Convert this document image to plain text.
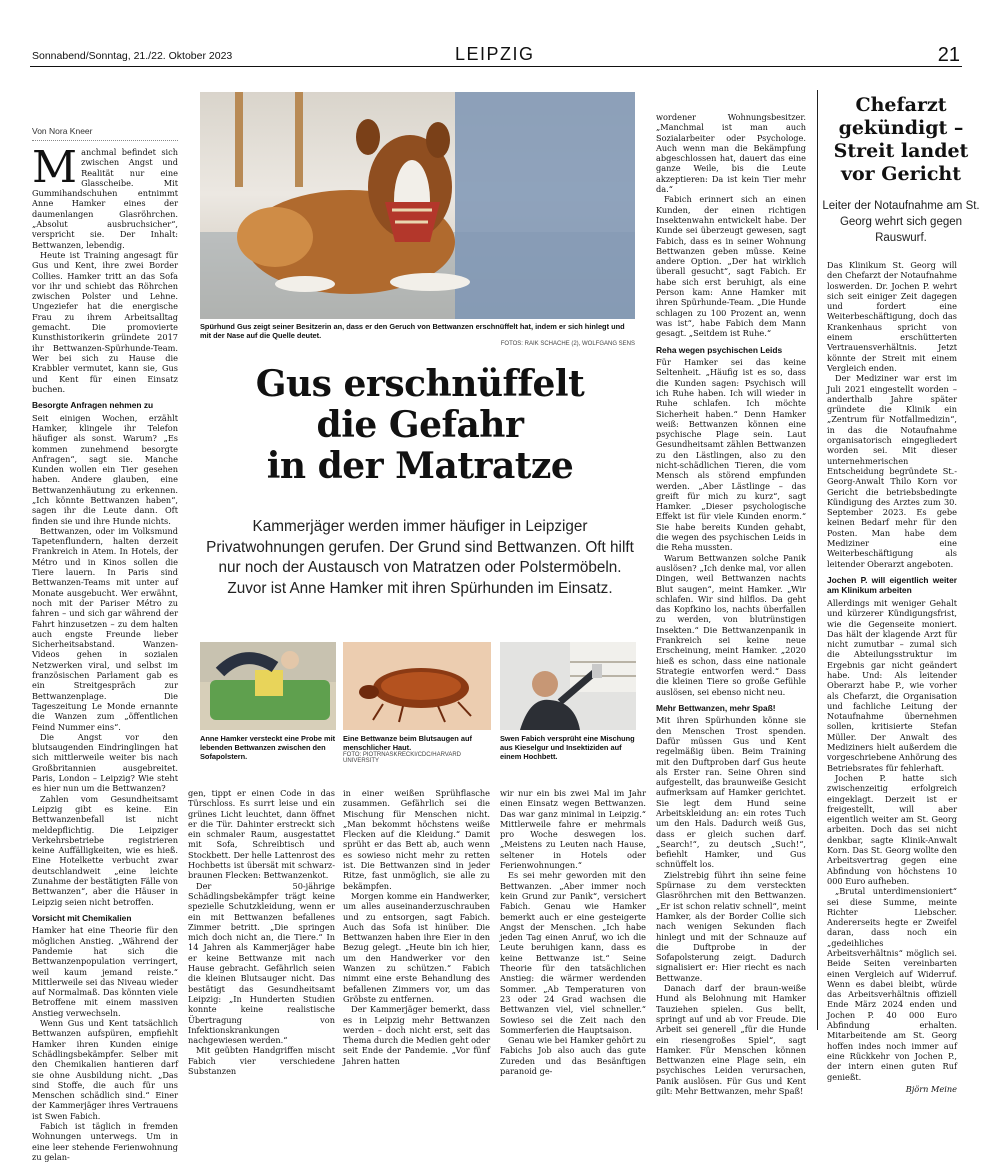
Sonnabend/Sonntag, 21./22. Oktober 2023	LEIPZIG	21
Von Nora Kneer

Manchmal befindet sich zwischen Angst und Realität nur eine Glasscheibe. Mit Gummihandschuhen entnimmt Anne Hamker eines der daumenlangen Glasröhrchen. „Absolut ausbruchsicher“, verspricht sie. Der Inhalt: Bettwanzen, lebendig.

Heute ist Training angesagt für Gus und Kent, ihre zwei Border Collies. Hamker tritt an das Sofa vor ihr und schiebt das Röhrchen zwischen Polster und Lehne. Ungeziefer hat die energische Frau zu ihrem Arbeitsalltag gemacht. Die promovierte Kunsthistorikerin gründete 2017 ihr Bettwanzen-Spürhunde-Team. Wer bei sich zu Hause die Krabbler vermutet, kann sie, Gus und Kent für einen Einsatz buchen.

Besorgte Anfragen nehmen zu

Seit einigen Wochen, erzählt Hamker, klingele ihr Telefon häufiger als sonst. Warum? „Es kommen zunehmend besorgte Anfragen“, sagt sie. Manche Kunden wollen ein Tier gesehen haben. Andere glauben, eine Bettwanzenhäutung zu erkennen. „Ich könnte Bettwanzen haben“, sagen ihr die Leute dann. Oft finden sie und ihre Hunde nichts.

Bettwanzen, oder im Volksmund Tapetenflundern, halten derzeit Frankreich in Atem. In Hotels, der Métro und in Kinos sollen die Tiere lauern. In Paris sind Bettwanzen-Teams mit unter auf Monate ausgebucht. Wer erwähnt, noch mit der Pariser Métro zu fahren – und sich gar während der Fahrt hinzusetzen – zu dem halten auch engste Freunde lieber Sicherheitsabstand. Wanzen-Videos gehen in sozialen Netzwerken viral, und selbst im französischen Parlament gab es ein Streitgespräch zur Bettwanzenplage. Die Tageszeitung Le Monde ernannte die Wanzen zum „öffentlichen Feind Nummer eins“.

Die Angst vor den blutsaugenden Eindringlingen hat sich mittlerweile weiter bis nach Großbritannien ausgebreitet. Paris, London – Leipzig? Wie steht es hier nun um die Bettwanzen?

Zahlen vom Gesundheitsamt Leipzig gibt es keine. Ein Bettwanzenbefall ist nicht meldepflichtig. Die Leipziger Verkehrsbetriebe registrieren keine Auffälligkeiten, wie es hieß. Eine Hotelkette verbucht zwar deutschlandweit „eine leichte Zunahme der bestätigten Fälle von Bettwanzen“, aber die Häuser in Leipzig seien nicht betroffen.

Vorsicht mit Chemikalien

Hamker hat eine Theorie für den möglichen Anstieg. „Während der Pandemie hat sich die Bettwanzenpopulation verringert, weil kaum jemand reiste.“ Mittlerweile sei das Niveau wieder auf Normalmaß. Das könnten viele Betroffene mit einem massiven Anstieg verwechseln.

Wenn Gus und Kent tatsächlich Bettwanzen aufspüren, empfiehlt Hamker ihren Kunden einige Schädlingsbekämpfer. Selber mit den Chemikalien hantieren darf sie ohne Ausbildung nicht. „Das sind Stoffe, die auch für uns Menschen schädlich sind.“ Einer der Kammerjäger ihres Vertrauens ist Swen Fabich.

Fabich ist täglich in fremden Wohnungen unterwegs. Um in eine leer stehende Ferienwohnung zu gelan-

Spürhund Gus zeigt seiner Besitzerin an, dass er den Geruch von Bettwanzen erschnüffelt hat, indem er sich hinlegt und mit der Nase auf die Quelle deutet.
FOTOS: RAIK SCHACHE (2), WOLFGANG SENS
Gus erschnüffelt
die Gefahr
in der Matratze
Kammerjäger werden immer häufiger in Leipziger Privatwohnungen gerufen. Der Grund sind Bettwanzen. Oft hilft nur noch der Austausch von Matratzen oder Polstermöbeln. Zuvor ist Anne Hamker mit ihren Spürhunden im Einsatz.
Anne Hamker versteckt eine Probe mit lebenden Bettwanzen zwischen den Sofapolstern.
Eine Bettwanze beim Blutsaugen auf menschlicher Haut.
FOTO: PIOTRNASKRECKI/CDC/HARVARD UNIVERSITY
Swen Fabich versprüht eine Mischung aus Kieselgur und Insektiziden auf einem Hochbett.

gen, tippt er einen Code in das Türschloss. Es surrt leise und ein grünes Licht leuchtet, dann öffnet er die Tür. Dahinter erstreckt sich ein schmaler Raum, ausgestattet mit Sofa, Schreibtisch und Stockbett. Der helle Lattenrost des Hochbetts ist übersät mit schwarz-braunen Flecken: Bettwanzenkot.

Der 50-jährige Schädlingsbekämpfer trägt keine spezielle Schutzkleidung, wenn er ein mit Bettwanzen befallenes Zimmer betritt. „Die springen mich doch nicht an, die Tiere.“ In 14 Jahren als Kammerjäger habe er keine Bettwanze mit nach Hause gebracht. Gefährlich seien die kleinen Blutsauger nicht. Das bestätigt das Gesundheitsamt Leipzig: „In Hunderten Studien konnte keine realistische Übertragung von Infektionskrankungen nachgewiesen werden.“

Mit geübten Handgriffen mischt Fabich vier verschiedene Substanzen

in einer weißen Sprühflasche zusammen. Gefährlich sei die Mischung für Menschen nicht. „Man bekommt höchstens weiße Flecken auf die Kleidung.“ Damit sprüht er das Bett ab, auch wenn es sowieso nicht mehr zu retten ist. Die Bettwanzen sind in jeder Ritze, fast unmöglich, sie alle zu bekämpfen.

Morgen komme ein Handwerker, um alles auseinanderzuschrauben und zu entsorgen, sagt Fabich. Auch das Sofa ist hinüber. Die Bettwanzen haben ihre Eier in den Bezug gelegt. „Heute bin ich hier, um den Handwerker vor den Wanzen zu schützen.“ Fabich nimmt eine erste Behandlung des befallenen Zimmers vor, um das Gröbste zu entfernen.

Der Kammerjäger bemerkt, dass es in Leipzig mehr Bettwanzen werden – doch nicht erst, seit das Thema durch die Medien geht oder seit Ende der Pandemie. „Vor fünf Jahren hatten

wir nur ein bis zwei Mal im Jahr einen Einsatz wegen Bettwanzen. Das war ganz minimal in Leipzig.“ Mittlerweile fahre er mehrmals pro Woche deswegen los. „Meistens zu Leuten nach Hause, seltener in Hotels oder Ferienwohnungen.“

Es sei mehr geworden mit den Bettwanzen. „Aber immer noch kein Grund zur Panik“, versichert Fabich. Genau wie Hamker bemerkt auch er eine gesteigerte Angst der Menschen. „Ich habe jeden Tag einen Anruf, wo ich die Leute beruhigen kann, dass es keine Bettwanze ist.“ Seine Theorie für den tatsächlichen Anstieg: die wärmer werdenden Sommer. „Ab Temperaturen von 23 oder 24 Grad wachsen die Bettwanzen viel, viel schneller.“ Sowieso sei die Zeit nach den Sommerferien die Hauptsaison.

Genau wie bei Hamker gehört zu Fabichs Job also auch das gute Zureden und das Besänftigen paranoid ge-

wordener Wohnungsbesitzer. „Manchmal ist man auch Sozialarbeiter oder Psychologe. Auch wenn man die Bekämpfung abgeschlossen hat, dauert das eine ganze Weile, bis die Leute akzeptieren: Da ist kein Tier mehr da.“

Fabich erinnert sich an einen Kunden, der einen richtigen Insektenwahn entwickelt habe. Der Kunde sei überzeugt gewesen, sagt Fabich, dass es in seiner Wohnung Bettwanzen geben müsse. Keine andere Option. „Der hat wirklich überall gesucht“, sagt Fabich. Er habe sich erst beruhigt, als eine Person kam: Anne Hamker mit ihren Spürhunde-Team. „Die Hunde schlagen zu 100 Prozent an, wenn was ist“, habe Fabich dem Mann gesagt. „Seitdem ist Ruhe.“

Reha wegen psychischen Leids

Für Hamker sei das keine Seltenheit. „Häufig ist es so, dass die Kunden sagen: Psychisch will ich Ruhe haben. Ich will wieder in Ruhe schlafen. Ich möchte Sicherheit haben.“ Denn Hamker weiß: Bettwanzen können eine psychische Plage sein. Laut Gesundheitsamt zählen Bettwanzen zu den Lästlingen, also zu den nicht-schädlichen Tieren, die vom Mensch als störend empfunden werden. „Aber Lästlinge – das greift für mich zu kurz“, sagt Hamker. „Dieser psychologische Effekt ist für viele Kunden enorm.“ Sie habe bereits Kunden gehabt, die wegen des psychischen Leids in die Reha mussten.

Warum Bettwanzen solche Panik auslösen? „Ich denke mal, vor allen Dingen, weil Bettwanzen nachts Blut saugen“, meint Hamker. „Wir schlafen. Wir sind hilflos. Da geht das Kopfkino los, nachts überfallen zu werden, von blutrünstigen Insekten.“ Die Bettwanzenpanik in Frankreich sei keine neue Erscheinung, meint Hamker. „2020 hieß es schon, dass eine nationale Strategie entworfen werd.“ Dass die kleinen Tiere so große Gefühle auslösen, sei ebenso nicht neu.

Mehr Bettwanzen, mehr Spaß!

Mit ihren Spürhunden könne sie den Menschen Trost spenden. Dafür müssen Gus und Kent regelmäßig üben. Beim Training mit den Duftproben darf Gus heute als Erster ran. Seine Ohren sind aufgestellt, das braunweiße Gesicht aufmerksam auf Hamker gerichtet. Sie legt dem Hund seine Arbeitskleidung an: ein rotes Tuch um den Hals. Dadurch weiß Gus, dass er gleich suchen darf. „Search!“, zu deutsch „Such!“, befiehlt Hamker, und Gus schnüffelt los.

Zielstrebig führt ihn seine feine Spürnase zu dem versteckten Glasröhrchen mit den Bettwanzen. „Er ist schon relativ schnell“, meint Hamker, als der Border Collie sich nach wenigen Sekunden flach hinlegt und mit der Schnauze auf die Duftprobe in der Sofapolsterung zeigt. Dadurch signalisiert er: Hier riecht es nach Bettwanze.

Danach darf der braun-weiße Hund als Belohnung mit Hamker Tauziehen spielen. Gus bellt, springt auf und ab vor Freude. Die Arbeit sei generell „für die Hunde ein riesengroßes Spiel“, sagt Hamker. Für Menschen können Bettwanzen eine Plage sein, ein psychisches Leiden verursachen, Panik auslösen. Für Gus und Kent gilt: Mehr Bettwanzen, mehr Spaß!

Chefarzt gekündigt – Streit landet vor Gericht
Leiter der Notaufnahme am St. Georg wehrt sich gegen Rauswurf.

Das Klinikum St. Georg will den Chefarzt der Notaufnahme loswerden. Dr. Jochen P. wehrt sich seit einiger Zeit dagegen und fordert eine Weiterbeschäftigung, doch das Krankenhaus spricht von einem erschütterten Vertrauensverhältnis. Jetzt könnte der Streit mit einem Vergleich enden.

Der Mediziner war erst im Juli 2021 eingestellt worden – anderthalb Jahre später gründete die Klinik ein „Zentrum für Notfallmedizin“, in das die Notaufnahme organisatorisch eingegliedert worden sei. Mit dieser unternehmerischen Entscheidung begründete St.-Georg-Anwalt Thilo Korn vor Gericht die betriebsbedingte Kündigung des Arztes zum 30. September 2023. Es gebe keinen Bedarf mehr für den Posten. Man habe dem Mediziner eine Weiterbeschäftigung als leitender Oberarzt angeboten.

Jochen P. will eigentlich weiter am Klinikum arbeiten

Allerdings mit weniger Gehalt und kürzerer Kündigungsfrist, wie die Gegenseite moniert. Das hält der klagende Arzt für nicht zumutbar – zumal sich die Abteilungsstruktur im Ergebnis gar nicht geändert habe. Und: Als leitender Oberarzt habe P., wie vorher als Chefarzt, die Organisation und fachliche Leitung der Notaufnahme übernehmen sollen, kritisierte Stefan Müller. Der Anwalt des Mediziners hielt außerdem die vorgeschriebene Anhörung des Betriebsrates für fehlerhaft.

Jochen P. hatte sich zwischenzeitig erfolgreich eingeklagt. Derzeit ist er freigestellt, will aber eigentlich weiter am St. Georg arbeiten. Doch das sei nicht denkbar, sagte Klinik-Anwalt Korn. Das St. Georg wollte den Arbeitsvertrag gegen eine Abfindung von höchstens 10 000 Euro aufheben.

„Brutal unterdimensioniert“ sei diese Summe, meinte Richter Liebscher. Andererseits hegte er Zweifel daran, dass noch ein „gedeihliches Arbeitsverhältnis“ möglich sei. Beide Seiten vereinbarten einen Vergleich auf Widerruf. Wenn es dabei bleibt, würde das Arbeitsverhältnis offiziell Ende März 2024 enden und Jochen P. 40 000 Euro Abfindung erhalten. Mitarbeitende am St. Georg hoffen indes noch immer auf eine Rückkehr von Jochen P., der intern einen guten Ruf genießt.

Björn Meine
